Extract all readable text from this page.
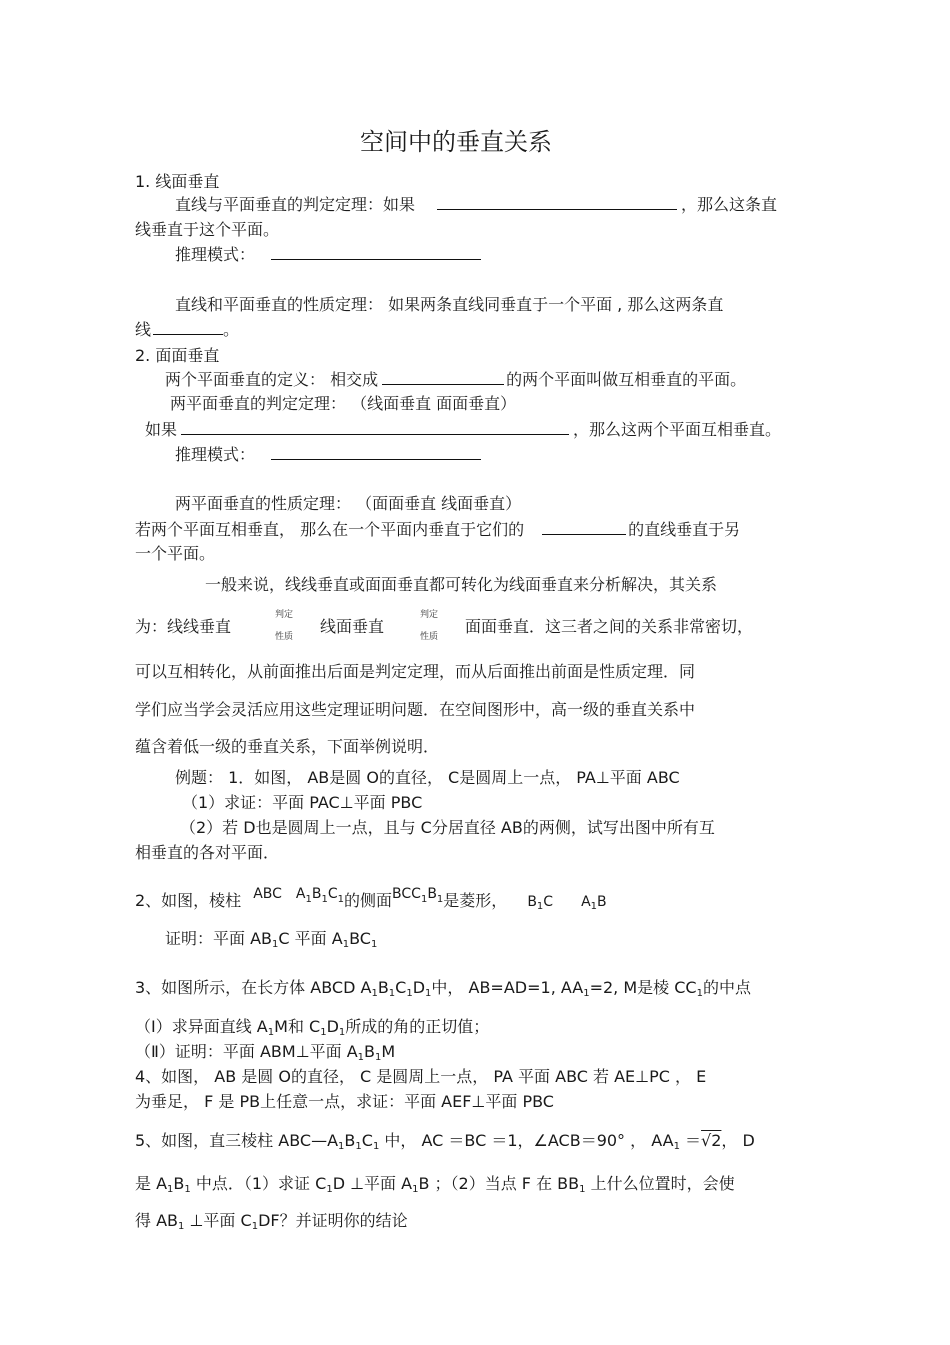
空间中的垂直关系
1. 线面垂直
直线与平面垂直的判定定理：如果	，那么这条直
线垂直于这个平面。
推理模式：
直线和平面垂直的性质定理： 如果两条直线同垂直于一个平面 , 那么这两条直
线	。
2. 面面垂直
两个平面垂直的定义： 相交成	的两个平面叫做互相垂直的平面。
两平面垂直的判定定理： （线面垂直 面面垂直）
如果	，那么这两个平面互相垂直。
推理模式：
两平面垂直的性质定理： （面面垂直 线面垂直）
若两个平面互相垂直， 那么在一个平面内垂直于它们的	的直线垂直于另
一个平面。
一般来说，线线垂直或面面垂直都可转化为线面垂直来分析解决，其关系
为：线线垂直
判定
性质
线面垂直
判定
性质
面面垂直．这三者之间的关系非常密切，
可以互相转化，从前面推出后面是判定定理，而从后面推出前面是性质定理．同
学们应当学会灵活应用这些定理证明问题．在空间图形中，高一级的垂直关系中
蕴含着低一级的垂直关系，下面举例说明．
例题： 1．如图， AB是圆 O的直径， C是圆周上一点， PA⊥平面 ABC
（1）求证：平面 PAC⊥平面 PBC
（2）若 D也是圆周上一点，且与 C分居直径 AB的两侧，试写出图中所有互
相垂直的各对平面．
2、如图，棱柱 ABC $A^1B^1C^1$的侧面$BCC^1B^1$是菱形， $B_1C$ $A_1B$
证明：平面 $AB_1C$ 平面 $A_1BC_1$
3、如图所示，在长方体 ABCD $A_1B_1C_1D_1$中， AB=AD=1, $AA_1=2$, M是棱 $CC_1$的中点
（Ⅰ）求异面直线 $A_1M$和 $C_1D_1$所成的角的正切值；
（Ⅱ）证明：平面 ABM⊥平面 $A_1B_1M$
4、如图， AB 是圆 O的直径， C 是圆周上一点， PA 平面 ABC 若 AE⊥PC ， E
为垂足， F 是 PB上任意一点，求证：平面 AEF⊥平面 PBC
5、如图，直三棱柱 $ABC—A_1B_1C_1$ 中， AC ＝BC ＝1，∠ACB＝90° ， $AA_1 =√2$， D
是 $A_1B_1$ 中点．（1）求证 $C_1D$ ⊥平面 $A_1B$ ；（2）当点 F 在 $BB_1$ 上什么位置时，会使
得 $AB_1$ ⊥平面 $C_1DF$？并证明你的结论
